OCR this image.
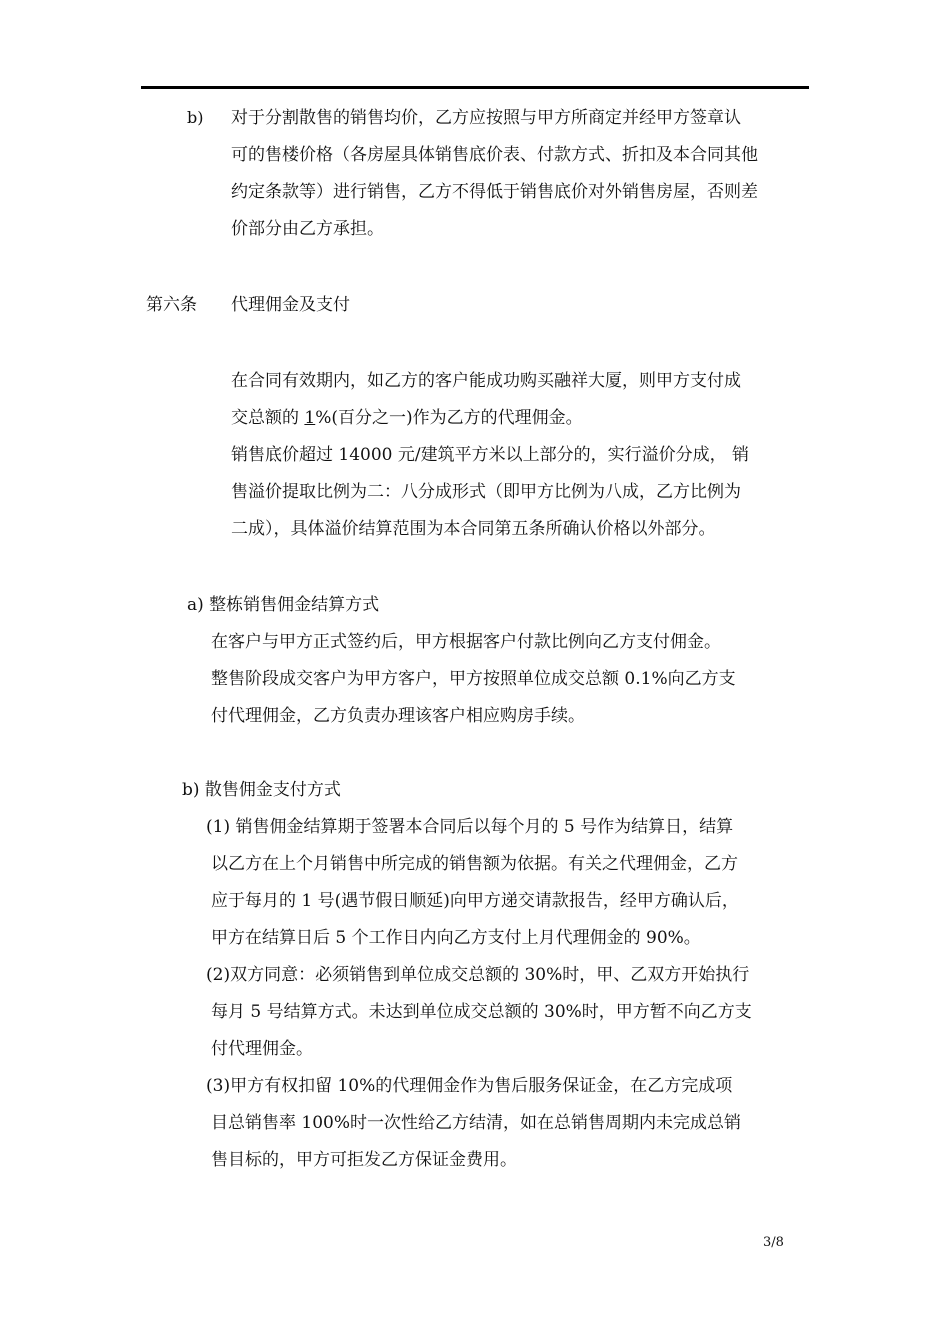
b) 对于分割散售的销售均价，乙方应按照与甲方所商定并经甲方签章认
可的售楼价格（各房屋具体销售底价表、付款方式、折扣及本合同其他
约定条款等）进行销售，乙方不得低于销售底价对外销售房屋，否则差
价部分由乙方承担。
第六条 代理佣金及支付
在合同有效期内，如乙方的客户能成功购买融祥大厦，则甲方支付成
交总额的 1%(百分之一)作为乙方的代理佣金。
销售底价超过 14000 元/建筑平方米以上部分的，实行溢价分成， 销
售溢价提取比例为二：八分成形式（即甲方比例为八成，乙方比例为
二成），具体溢价结算范围为本合同第五条所确认价格以外部分。
a) 整栋销售佣金结算方式
在客户与甲方正式签约后，甲方根据客户付款比例向乙方支付佣金。
整售阶段成交客户为甲方客户，甲方按照单位成交总额 0.1%向乙方支
付代理佣金，乙方负责办理该客户相应购房手续。
b) 散售佣金支付方式
(1) 销售佣金结算期于签署本合同后以每个月的 5 号作为结算日，结算
以乙方在上个月销售中所完成的销售额为依据。有关之代理佣金，乙方
应于每月的 1 号(遇节假日顺延)向甲方递交请款报告，经甲方确认后，
甲方在结算日后 5 个工作日内向乙方支付上月代理佣金的 90%。
(2)双方同意：必须销售到单位成交总额的 30%时，甲、乙双方开始执行
每月 5 号结算方式。未达到单位成交总额的 30%时，甲方暂不向乙方支
付代理佣金。
(3)甲方有权扣留 10%的代理佣金作为售后服务保证金，在乙方完成项
目总销售率 100%时一次性给乙方结清，如在总销售周期内未完成总销
售目标的，甲方可拒发乙方保证金费用。
3/8
